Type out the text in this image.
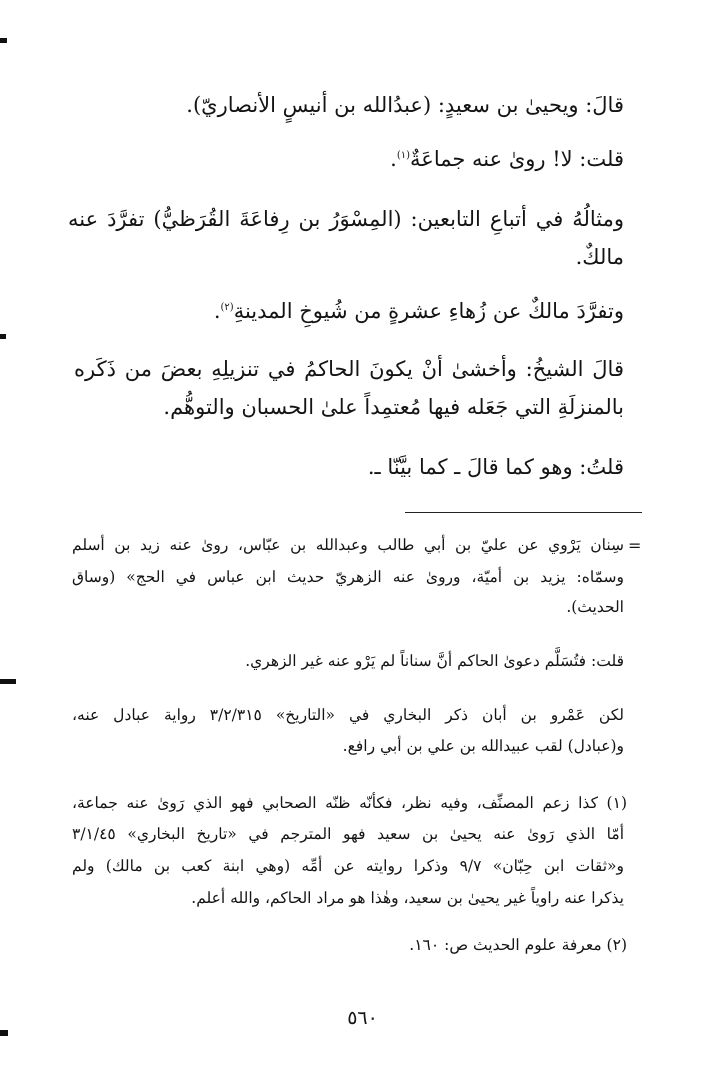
قالَ: ويحيىٰ بن سعيدٍ: (عبدُالله بن أنيسٍ الأنصاريّ).
قلت: لا! روىٰ عنه جماعَةٌ$^{(١)}$.
ومثالُهُ في أتباعِ التابعين: (المِسْوَرُ بن رِفاعَةَ القُرَظيُّ) تفرَّدَ عنه
مالكٌ.
وتفرَّدَ مالكٌ عن زُهاءِ عشرةٍ من شُيوخِ المدينةِ$^{(٢)}$.
قالَ الشيخُ: وأخشىٰ أنْ يكونَ الحاكمُ في تنزيلِهِ بعضَ من ذَكَره
بالمنزلَةِ التي جَعَله فيها مُعتمِداً علىٰ الحسبان والتوهُّم.
قلتُ: وهو كما قالَ ـ كما بيَّنّا ـ.
=
سِنان يَرْوي عن عليّ بن أبي طالب وعبدالله بن عبّاس، روىٰ عنه زيد بن أسلم
وسمّاه: يزيد بن أميّة، وروىٰ عنه الزهريّ حديث ابن عباس في الحج» (وساق
الحديث).
قلت: فتُسَلَّم دعوىٰ الحاكم أنَّ سناناً لم يَرْو عنه غير الزهري.
لكن عَمْرو بن أبان ذكر البخاري في «التاريخ» ٣/٢/٣١٥ رواية عبادل عنه،
و(عبادل) لقب عبيدالله بن علي بن أبي رافع.
(١) كذا زعم المصنِّف، وفيه نظر، فكأنّه ظنّه الصحابي فهو الذي رَوىٰ عنه جماعة،
أمّا الذي رَوىٰ عنه يحيىٰ بن سعيد فهو المترجم في «تاريخ البخاري» ٣/١/٤٥
و«ثقات ابن حِبّان» ٩/٧ وذكرا روايته عن أمِّه (وهي ابنة كعب بن مالك) ولم
يذكرا عنه راوياً غير يحيىٰ بن سعيد، وهٰذا هو مراد الحاكم، والله أعلم.
(٢) معرفة علوم الحديث ص: ١٦٠.
٥٦٠
